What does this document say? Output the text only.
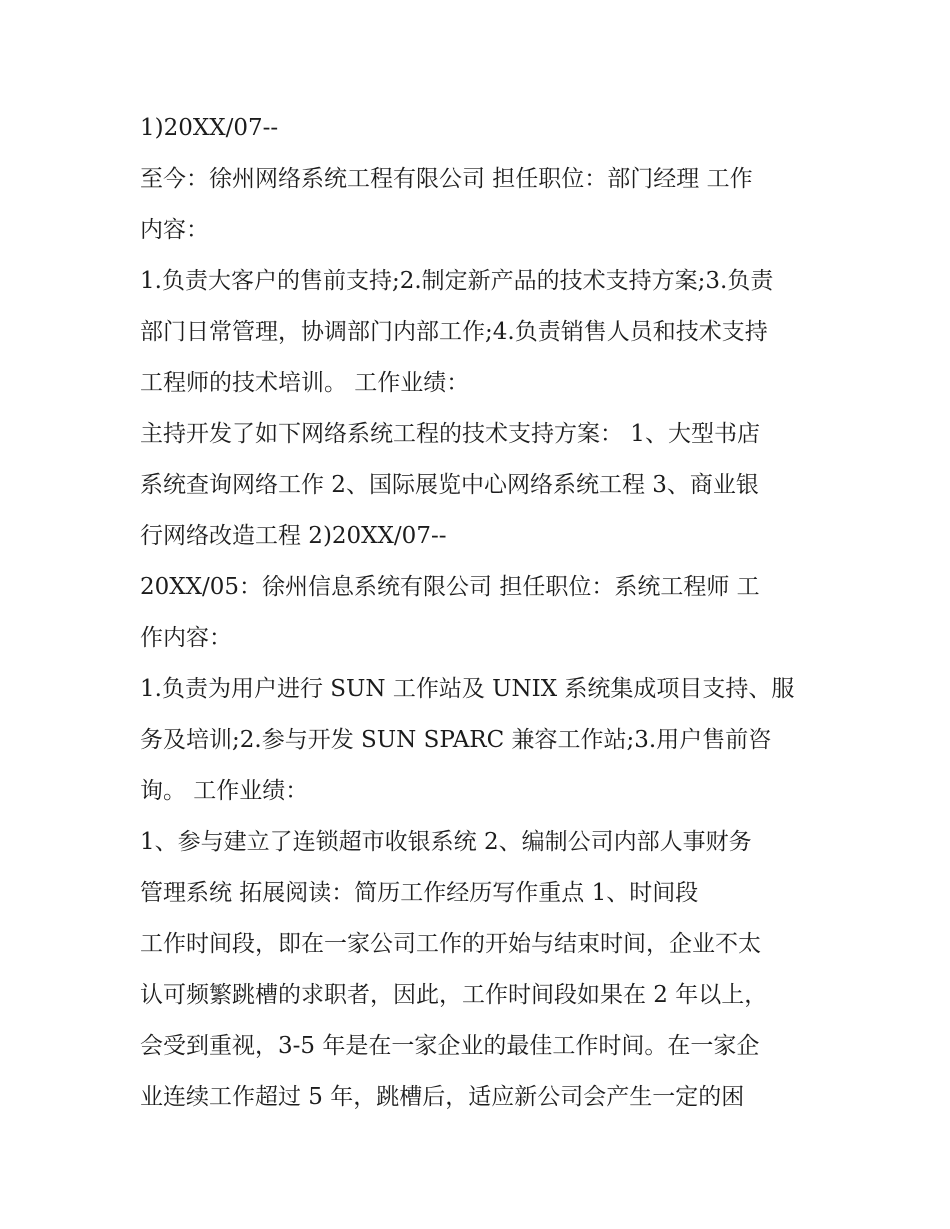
1)20XX/07--
至今：徐州网络系统工程有限公司 担任职位：部门经理 工作
内容：
1.负责大客户的售前支持;2.制定新产品的技术支持方案;3.负责
部门日常管理，协调部门内部工作;4.负责销售人员和技术支持
工程师的技术培训。 工作业绩：
主持开发了如下网络系统工程的技术支持方案： 1、大型书店
系统查询网络工作 2、国际展览中心网络系统工程 3、商业银
行网络改造工程 2)20XX/07--
20XX/05：徐州信息系统有限公司 担任职位：系统工程师 工
作内容：
1.负责为用户进行 SUN 工作站及 UNIX 系统集成项目支持、服
务及培训;2.参与开发 SUN SPARC 兼容工作站;3.用户售前咨
询。 工作业绩：
1、参与建立了连锁超市收银系统 2、编制公司内部人事财务
管理系统 拓展阅读：简历工作经历写作重点 1、时间段
工作时间段，即在一家公司工作的开始与结束时间，企业不太
认可频繁跳槽的求职者，因此，工作时间段如果在 2 年以上，
会受到重视，3-5 年是在一家企业的最佳工作时间。在一家企
业连续工作超过 5 年，跳槽后，适应新公司会产生一定的困
